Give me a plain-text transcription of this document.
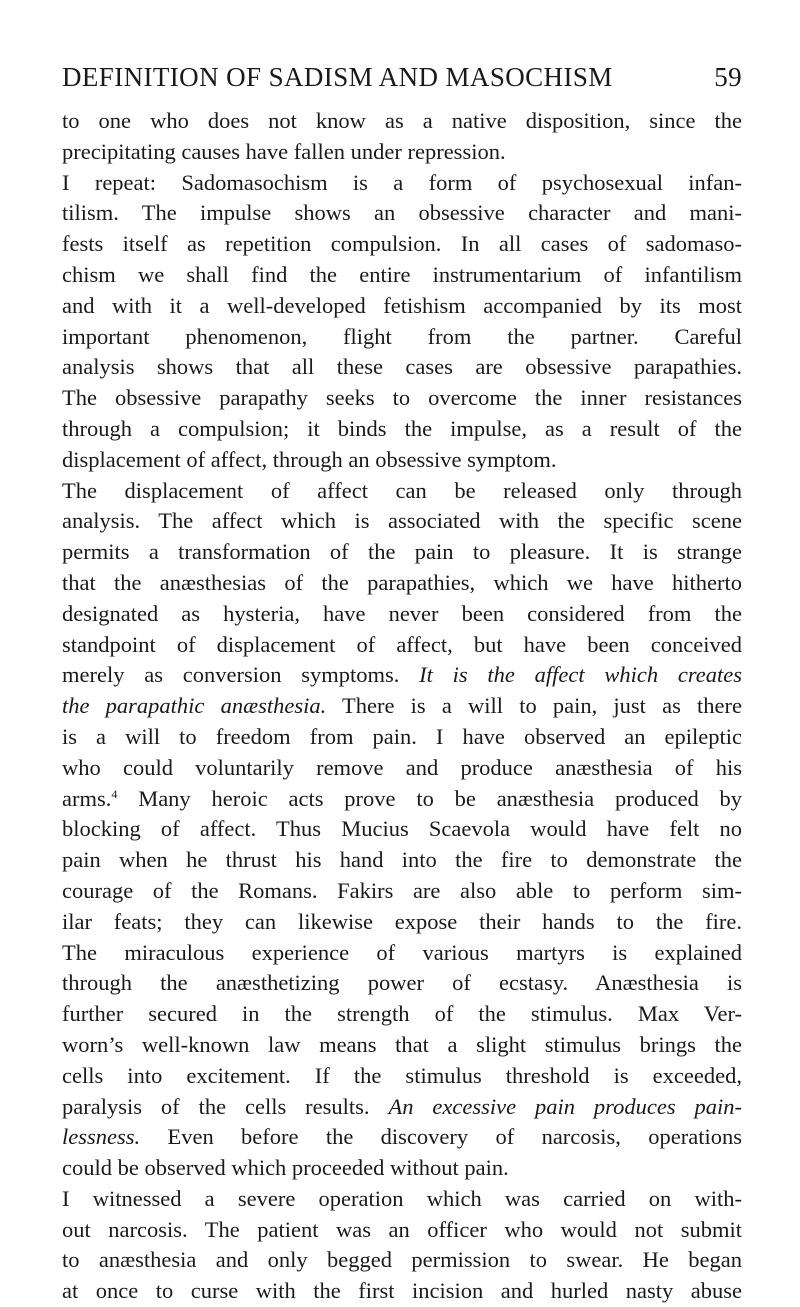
DEFINITION OF SADISM AND MASOCHISM	59
to one who does not know as a native disposition, since the
precipitating causes have fallen under repression.
I repeat: Sadomasochism is a form of psychosexual infan-
tilism. The impulse shows an obsessive character and mani-
fests itself as repetition compulsion. In all cases of sadomaso-
chism we shall find the entire instrumentarium of infantilism
and with it a well-developed fetishism accompanied by its most
important phenomenon, flight from the partner. Careful
analysis shows that all these cases are obsessive parapathies.
The obsessive parapathy seeks to overcome the inner resistances
through a compulsion; it binds the impulse, as a result of the
displacement of affect, through an obsessive symptom.
The displacement of affect can be released only through
analysis. The affect which is associated with the specific scene
permits a transformation of the pain to pleasure. It is strange
that the anæsthesias of the parapathies, which we have hitherto
designated as hysteria, have never been considered from the
standpoint of displacement of affect, but have been conceived
merely as conversion symptoms. It is the affect which creates
the parapathic anæsthesia. There is a will to pain, just as there
is a will to freedom from pain. I have observed an epileptic
who could voluntarily remove and produce anæsthesia of his
arms.$^4$ Many heroic acts prove to be anæsthesia produced by
blocking of affect. Thus Mucius Scaevola would have felt no
pain when he thrust his hand into the fire to demonstrate the
courage of the Romans. Fakirs are also able to perform sim-
ilar feats; they can likewise expose their hands to the fire.
The miraculous experience of various martyrs is explained
through the anæsthetizing power of ecstasy. Anæsthesia is
further secured in the strength of the stimulus. Max Ver-
worn’s well-known law means that a slight stimulus brings the
cells into excitement. If the stimulus threshold is exceeded,
paralysis of the cells results. An excessive pain produces pain-
lessness. Even before the discovery of narcosis, operations
could be observed which proceeded without pain.
I witnessed a severe operation which was carried on with-
out narcosis. The patient was an officer who would not submit
to anæsthesia and only begged permission to swear. He began
at once to curse with the first incision and hurled nasty abuse
